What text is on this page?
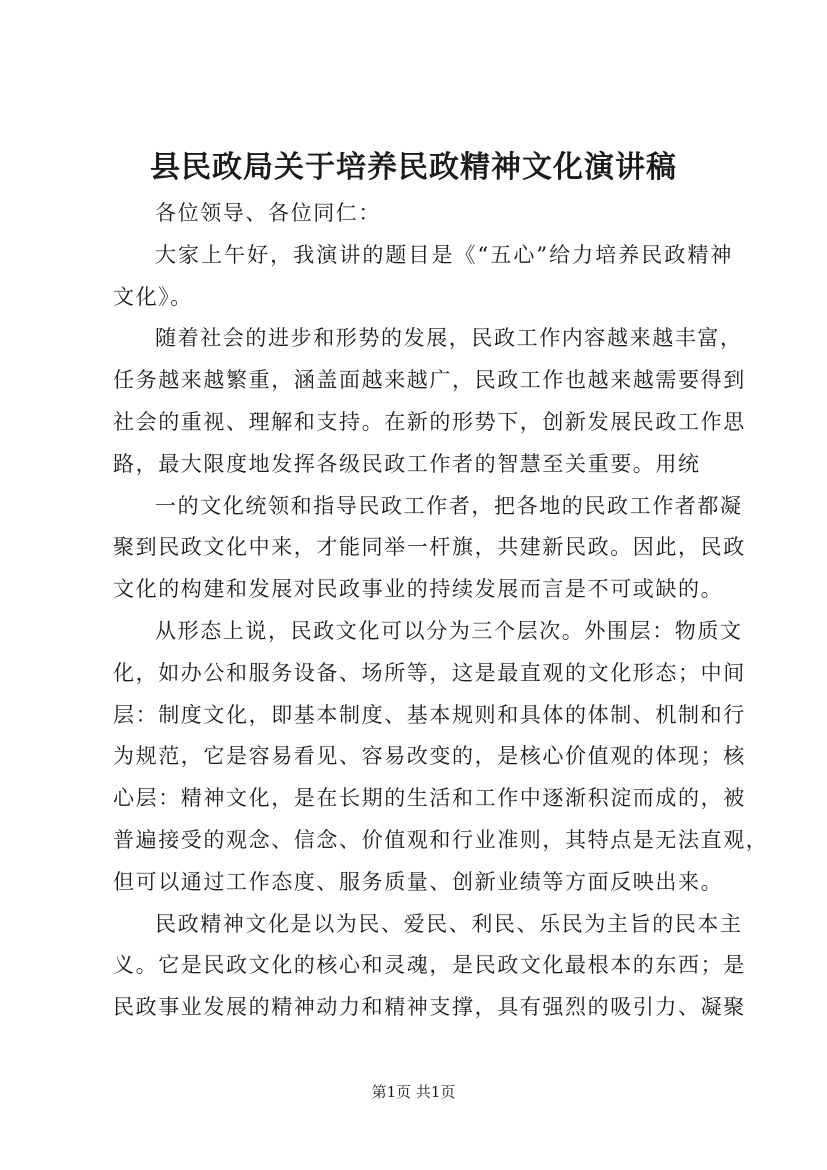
县民政局关于培养民政精神文化演讲稿
各位领导、各位同仁：
大家上午好，我演讲的题目是《“五心”给力培养民政精神
文化》。
随着社会的进步和形势的发展，民政工作内容越来越丰富，
任务越来越繁重，涵盖面越来越广，民政工作也越来越需要得到
社会的重视、理解和支持。在新的形势下，创新发展民政工作思
路，最大限度地发挥各级民政工作者的智慧至关重要。用统
一的文化统领和指导民政工作者，把各地的民政工作者都凝
聚到民政文化中来，才能同举一杆旗，共建新民政。因此，民政
文化的构建和发展对民政事业的持续发展而言是不可或缺的。
从形态上说，民政文化可以分为三个层次。外围层：物质文
化，如办公和服务设备、场所等，这是最直观的文化形态；中间
层：制度文化，即基本制度、基本规则和具体的体制、机制和行
为规范，它是容易看见、容易改变的，是核心价值观的体现；核
心层：精神文化，是在长期的生活和工作中逐渐积淀而成的，被
普遍接受的观念、信念、价值观和行业准则，其特点是无法直观，
但可以通过工作态度、服务质量、创新业绩等方面反映出来。
民政精神文化是以为民、爱民、利民、乐民为主旨的民本主
义。它是民政文化的核心和灵魂，是民政文化最根本的东西；是
民政事业发展的精神动力和精神支撑，具有强烈的吸引力、凝聚
第1页 共1页
